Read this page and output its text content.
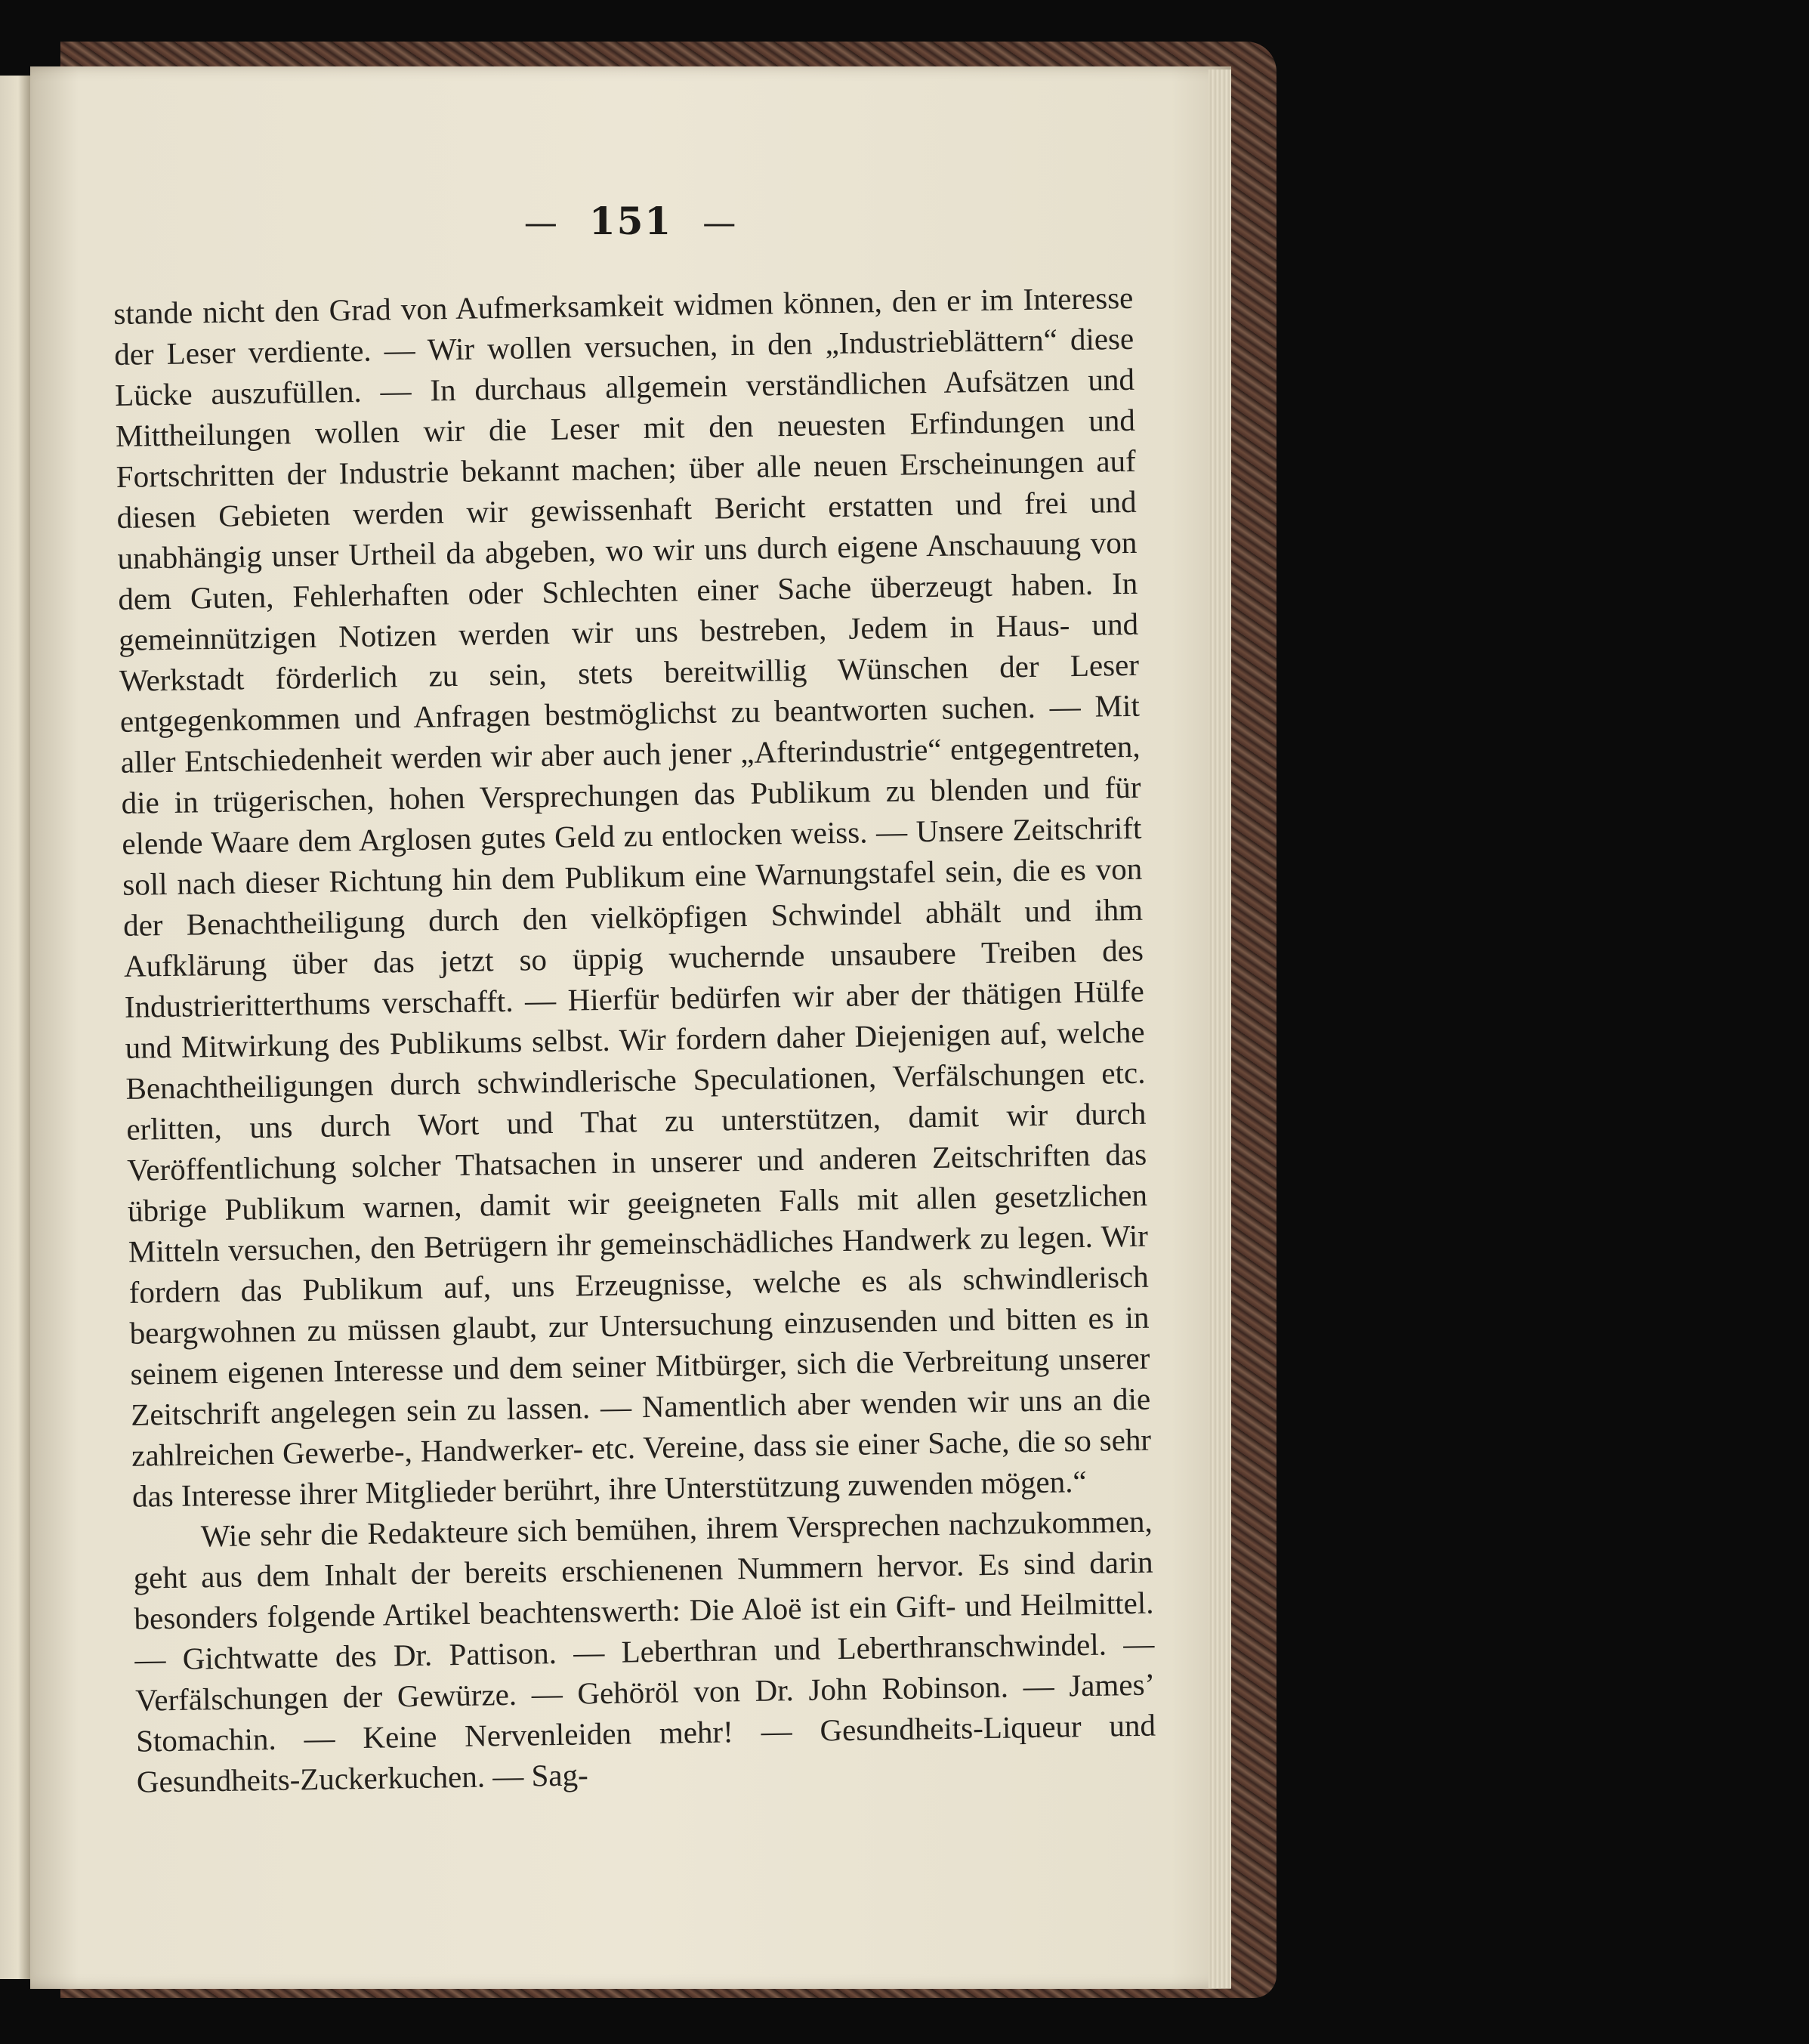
— 151 —

stande nicht den Grad von Aufmerksamkeit widmen können, den er im Interesse der Leser verdiente. — Wir wollen versuchen, in den „Industrieblättern“ diese Lücke auszufüllen. — In durchaus allgemein verständlichen Aufsätzen und Mittheilungen wollen wir die Leser mit den neuesten Erfindungen und Fortschritten der Industrie bekannt machen; über alle neuen Erscheinungen auf diesen Gebieten werden wir gewissenhaft Bericht erstatten und frei und unabhängig unser Urtheil da abgeben, wo wir uns durch eigene Anschauung von dem Guten, Fehlerhaften oder Schlechten einer Sache überzeugt haben. In gemeinnützigen Notizen werden wir uns bestreben, Jedem in Haus- und Werkstadt förderlich zu sein, stets bereitwillig Wünschen der Leser entgegenkommen und Anfragen bestmöglichst zu beantworten suchen. — Mit aller Entschiedenheit werden wir aber auch jener „Afterindustrie“ entgegentreten, die in trügerischen, hohen Versprechungen das Publikum zu blenden und für elende Waare dem Arglosen gutes Geld zu entlocken weiss. — Unsere Zeitschrift soll nach dieser Richtung hin dem Publikum eine Warnungstafel sein, die es von der Benachtheiligung durch den vielköpfigen Schwindel abhält und ihm Aufklärung über das jetzt so üppig wuchernde unsaubere Treiben des Industrieritterthums verschafft. — Hierfür bedürfen wir aber der thätigen Hülfe und Mitwirkung des Publikums selbst. Wir fordern daher Diejenigen auf, welche Benachtheiligungen durch schwindlerische Speculationen, Verfälschungen etc. erlitten, uns durch Wort und That zu unterstützen, damit wir durch Veröffentlichung solcher Thatsachen in unserer und anderen Zeitschriften das übrige Publikum warnen, damit wir geeigneten Falls mit allen gesetzlichen Mitteln versuchen, den Betrügern ihr gemeinschädliches Handwerk zu legen. Wir fordern das Publikum auf, uns Erzeugnisse, welche es als schwindlerisch beargwohnen zu müssen glaubt, zur Untersuchung einzusenden und bitten es in seinem eigenen Interesse und dem seiner Mitbürger, sich die Verbreitung unserer Zeitschrift angelegen sein zu lassen. — Namentlich aber wenden wir uns an die zahlreichen Gewerbe-, Handwerker- etc. Vereine, dass sie einer Sache, die so sehr das Interesse ihrer Mitglieder berührt, ihre Unterstützung zuwenden mögen.“

Wie sehr die Redakteure sich bemühen, ihrem Versprechen nachzukommen, geht aus dem Inhalt der bereits erschienenen Nummern hervor. Es sind darin besonders folgende Artikel beachtenswerth: Die Aloë ist ein Gift- und Heilmittel. — Gichtwatte des Dr. Pattison. — Leberthran und Leberthranschwindel. — Verfälschungen der Gewürze. — Gehöröl von Dr. John Robinson. — James’ Stomachin. — Keine Nervenleiden mehr! — Gesundheits-Liqueur und Gesundheits-Zuckerkuchen. — Sag-
